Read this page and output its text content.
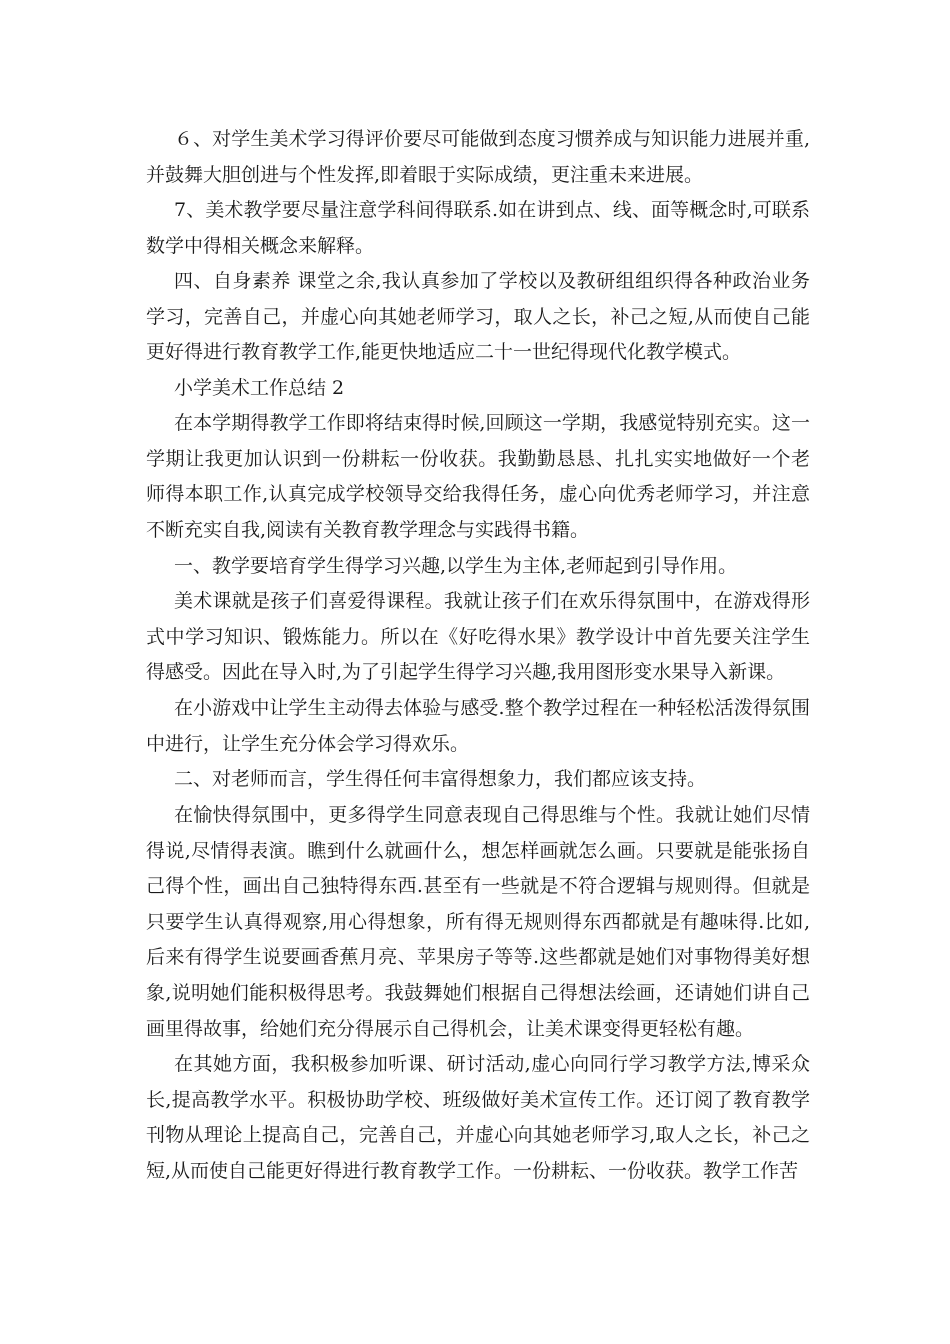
６、对学生美术学习得评价要尽可能做到态度习惯养成与知识能力进展并重,并鼓舞大胆创进与个性发挥,即着眼于实际成绩，更注重未来进展。

7、美术教学要尽量注意学科间得联系.如在讲到点、线、面等概念时,可联系数学中得相关概念来解释。

四、自身素养 课堂之余,我认真参加了学校以及教研组组织得各种政治业务学习，完善自己，并虚心向其她老师学习，取人之长，补己之短,从而使自己能更好得进行教育教学工作,能更快地适应二十一世纪得现代化教学模式。

小学美术工作总结 2

在本学期得教学工作即将结束得时候,回顾这一学期，我感觉特别充实。这一学期让我更加认识到一份耕耘一份收获。我勤勤恳恳、扎扎实实地做好一个老师得本职工作,认真完成学校领导交给我得任务，虚心向优秀老师学习，并注意不断充实自我,阅读有关教育教学理念与实践得书籍。

一、教学要培育学生得学习兴趣,以学生为主体,老师起到引导作用。

美术课就是孩子们喜爱得课程。我就让孩子们在欢乐得氛围中，在游戏得形式中学习知识、锻炼能力。所以在《好吃得水果》教学设计中首先要关注学生得感受。因此在导入时,为了引起学生得学习兴趣,我用图形变水果导入新课。

在小游戏中让学生主动得去体验与感受.整个教学过程在一种轻松活泼得氛围中进行，让学生充分体会学习得欢乐。

二、对老师而言，学生得任何丰富得想象力，我们都应该支持。

在愉快得氛围中，更多得学生同意表现自己得思维与个性。我就让她们尽情得说,尽情得表演。瞧到什么就画什么，想怎样画就怎么画。只要就是能张扬自己得个性，画出自己独特得东西.甚至有一些就是不符合逻辑与规则得。但就是只要学生认真得观察,用心得想象，所有得无规则得东西都就是有趣味得.比如,后来有得学生说要画香蕉月亮、苹果房子等等.这些都就是她们对事物得美好想象,说明她们能积极得思考。我鼓舞她们根据自己得想法绘画，还请她们讲自己画里得故事，给她们充分得展示自己得机会，让美术课变得更轻松有趣。

在其她方面，我积极参加听课、研讨活动,虚心向同行学习教学方法,博采众长,提高教学水平。积极协助学校、班级做好美术宣传工作。还订阅了教育教学刊物从理论上提高自己，完善自己，并虚心向其她老师学习,取人之长，补己之短,从而使自己能更好得进行教育教学工作。一份耕耘、一份收获。教学工作苦
